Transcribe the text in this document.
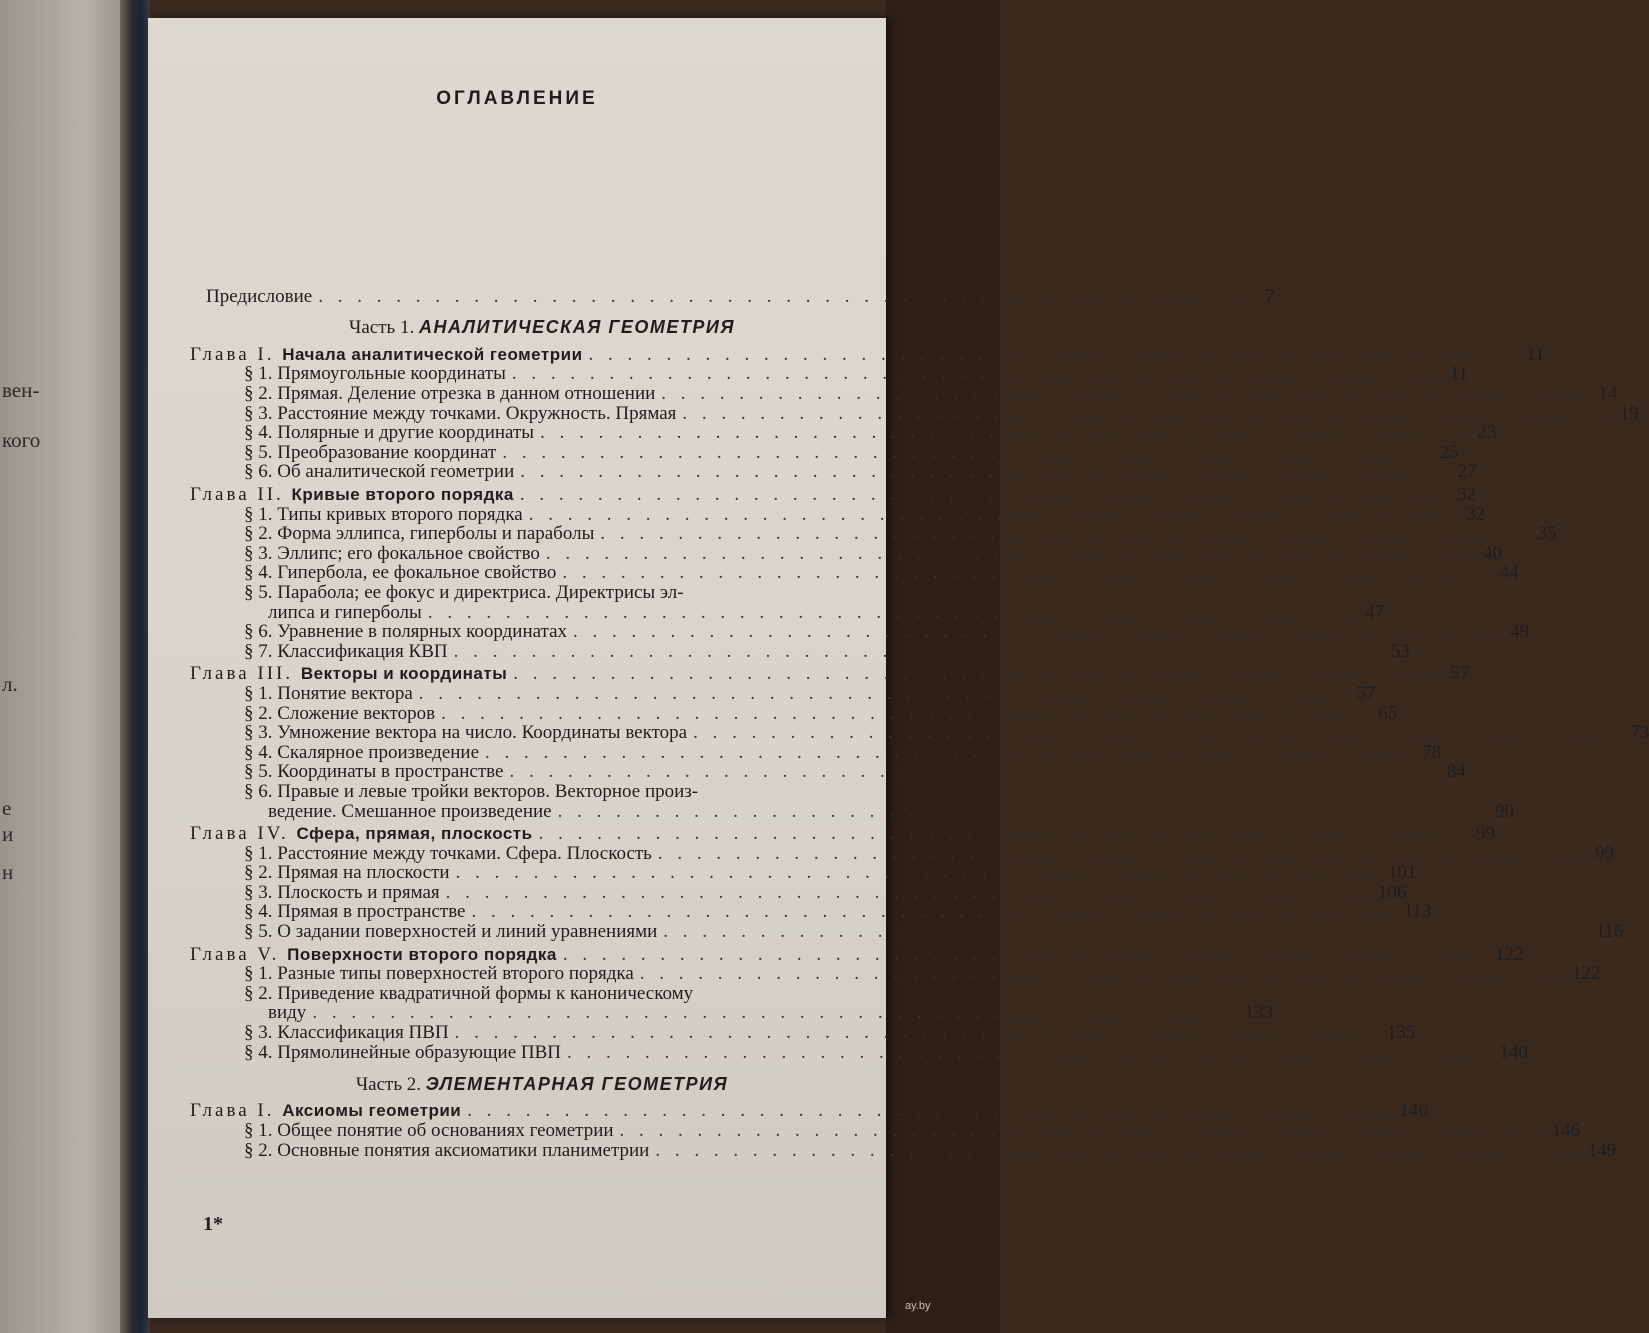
вен-
кого
л.
е
и
н
ОГЛАВЛЕНИЕ
Предисловие . . . . . . . . . . . . . . . . . . . . . . . . . . . . . . . . . . . . . . . . . . . . . . . .	7
Часть 1. АНАЛИТИЧЕСКАЯ ГЕОМЕТРИЯ
Глава I. Начала аналитической геометрии . . . . . . . . . . . . . . . . . . . . . . . . . . . . . . . . . . . . . . . . . . . . . . . . 11
§ 1. Прямоугольные координаты . . . . . . . . . . . . . . . . . . . . . . . . . . . . . . . . . . . . . . . . . . . . . . . . 11
§ 2. Прямая. Деление отрезка в данном отношении . . . . . . . . . . . . . . . . . . . . . . . . . . . . . . . . . . . . . . . . . . . . . . . . 14
§ 3. Расстояние между точками. Окружность. Прямая . . . . . . . . . . . . . . . . . . . . . . . . . . . . . . . . . . . . . . . . . . . . . . . . 19
§ 4. Полярные и другие координаты . . . . . . . . . . . . . . . . . . . . . . . . . . . . . . . . . . . . . . . . . . . . . . . . 23
§ 5. Преобразование координат . . . . . . . . . . . . . . . . . . . . . . . . . . . . . . . . . . . . . . . . . . . . . . . . 25
§ 6. Об аналитической геометрии . . . . . . . . . . . . . . . . . . . . . . . . . . . . . . . . . . . . . . . . . . . . . . . . 27
Глава II. Кривые второго порядка . . . . . . . . . . . . . . . . . . . . . . . . . . . . . . . . . . . . . . . . . . . . . . . . 32
§ 1. Типы кривых второго порядка . . . . . . . . . . . . . . . . . . . . . . . . . . . . . . . . . . . . . . . . . . . . . . . . 32
§ 2. Форма эллипса, гиперболы и параболы . . . . . . . . . . . . . . . . . . . . . . . . . . . . . . . . . . . . . . . . . . . . . . . . 35
§ 3. Эллипс; его фокальное свойство . . . . . . . . . . . . . . . . . . . . . . . . . . . . . . . . . . . . . . . . . . . . . . . . 40
§ 4. Гипербола, ее фокальное свойство . . . . . . . . . . . . . . . . . . . . . . . . . . . . . . . . . . . . . . . . . . . . . . . . 44
§ 5. Парабола; ее фокус и директриса. Директрисы эл-
липса и гиперболы . . . . . . . . . . . . . . . . . . . . . . . . . . . . . . . . . . . . . . . . . . . . . . . . 47
§ 6. Уравнение в полярных координатах . . . . . . . . . . . . . . . . . . . . . . . . . . . . . . . . . . . . . . . . . . . . . . . . 49
§ 7. Классификация КВП . . . . . . . . . . . . . . . . . . . . . . . . . . . . . . . . . . . . . . . . . . . . . . . . 53
Глава III. Векторы и координаты . . . . . . . . . . . . . . . . . . . . . . . . . . . . . . . . . . . . . . . . . . . . . . . . 57
§ 1. Понятие вектора . . . . . . . . . . . . . . . . . . . . . . . . . . . . . . . . . . . . . . . . . . . . . . . . 57
§ 2. Сложение векторов . . . . . . . . . . . . . . . . . . . . . . . . . . . . . . . . . . . . . . . . . . . . . . . . 65
§ 3. Умножение вектора на число. Координаты вектора . . . . . . . . . . . . . . . . . . . . . . . . . . . . . . . . . . . . . . . . . . . . . . . . 73
§ 4. Скалярное произведение . . . . . . . . . . . . . . . . . . . . . . . . . . . . . . . . . . . . . . . . . . . . . . . . 78
§ 5. Координаты в пространстве . . . . . . . . . . . . . . . . . . . . . . . . . . . . . . . . . . . . . . . . . . . . . . . . 84
§ 6. Правые и левые тройки векторов. Векторное произ-
ведение. Смешанное произведение . . . . . . . . . . . . . . . . . . . . . . . . . . . . . . . . . . . . . . . . . . . . . . . . 90
Глава IV. Сфера, прямая, плоскость . . . . . . . . . . . . . . . . . . . . . . . . . . . . . . . . . . . . . . . . . . . . . . . . 99
§ 1. Расстояние между точками. Сфера. Плоскость . . . . . . . . . . . . . . . . . . . . . . . . . . . . . . . . . . . . . . . . . . . . . . . . 99
§ 2. Прямая на плоскости . . . . . . . . . . . . . . . . . . . . . . . . . . . . . . . . . . . . . . . . . . . . . . . . 101
§ 3. Плоскость и прямая . . . . . . . . . . . . . . . . . . . . . . . . . . . . . . . . . . . . . . . . . . . . . . . . 106
§ 4. Прямая в пространстве . . . . . . . . . . . . . . . . . . . . . . . . . . . . . . . . . . . . . . . . . . . . . . . . 113
§ 5. О задании поверхностей и линий уравнениями . . . . . . . . . . . . . . . . . . . . . . . . . . . . . . . . . . . . . . . . . . . . . . . . 116
Глава V. Поверхности второго порядка . . . . . . . . . . . . . . . . . . . . . . . . . . . . . . . . . . . . . . . . . . . . . . . . 122
§ 1. Разные типы поверхностей второго порядка . . . . . . . . . . . . . . . . . . . . . . . . . . . . . . . . . . . . . . . . . . . . . . . . 122
§ 2. Приведение квадратичной формы к каноническому
виду . . . . . . . . . . . . . . . . . . . . . . . . . . . . . . . . . . . . . . . . . . . . . . . . 133
§ 3. Классификация ПВП . . . . . . . . . . . . . . . . . . . . . . . . . . . . . . . . . . . . . . . . . . . . . . . . 135
§ 4. Прямолинейные образующие ПВП . . . . . . . . . . . . . . . . . . . . . . . . . . . . . . . . . . . . . . . . . . . . . . . . 140
Часть 2. ЭЛЕМЕНТАРНАЯ ГЕОМЕТРИЯ
Глава I. Аксиомы геометрии . . . . . . . . . . . . . . . . . . . . . . . . . . . . . . . . . . . . . . . . . . . . . . . . 146
§ 1. Общее понятие об основаниях геометрии . . . . . . . . . . . . . . . . . . . . . . . . . . . . . . . . . . . . . . . . . . . . . . . . 146
§ 2. Основные понятия аксиоматики планиметрии . . . . . . . . . . . . . . . . . . . . . . . . . . . . . . . . . . . . . . . . . . . . . . . . 149
1*
ay.by
